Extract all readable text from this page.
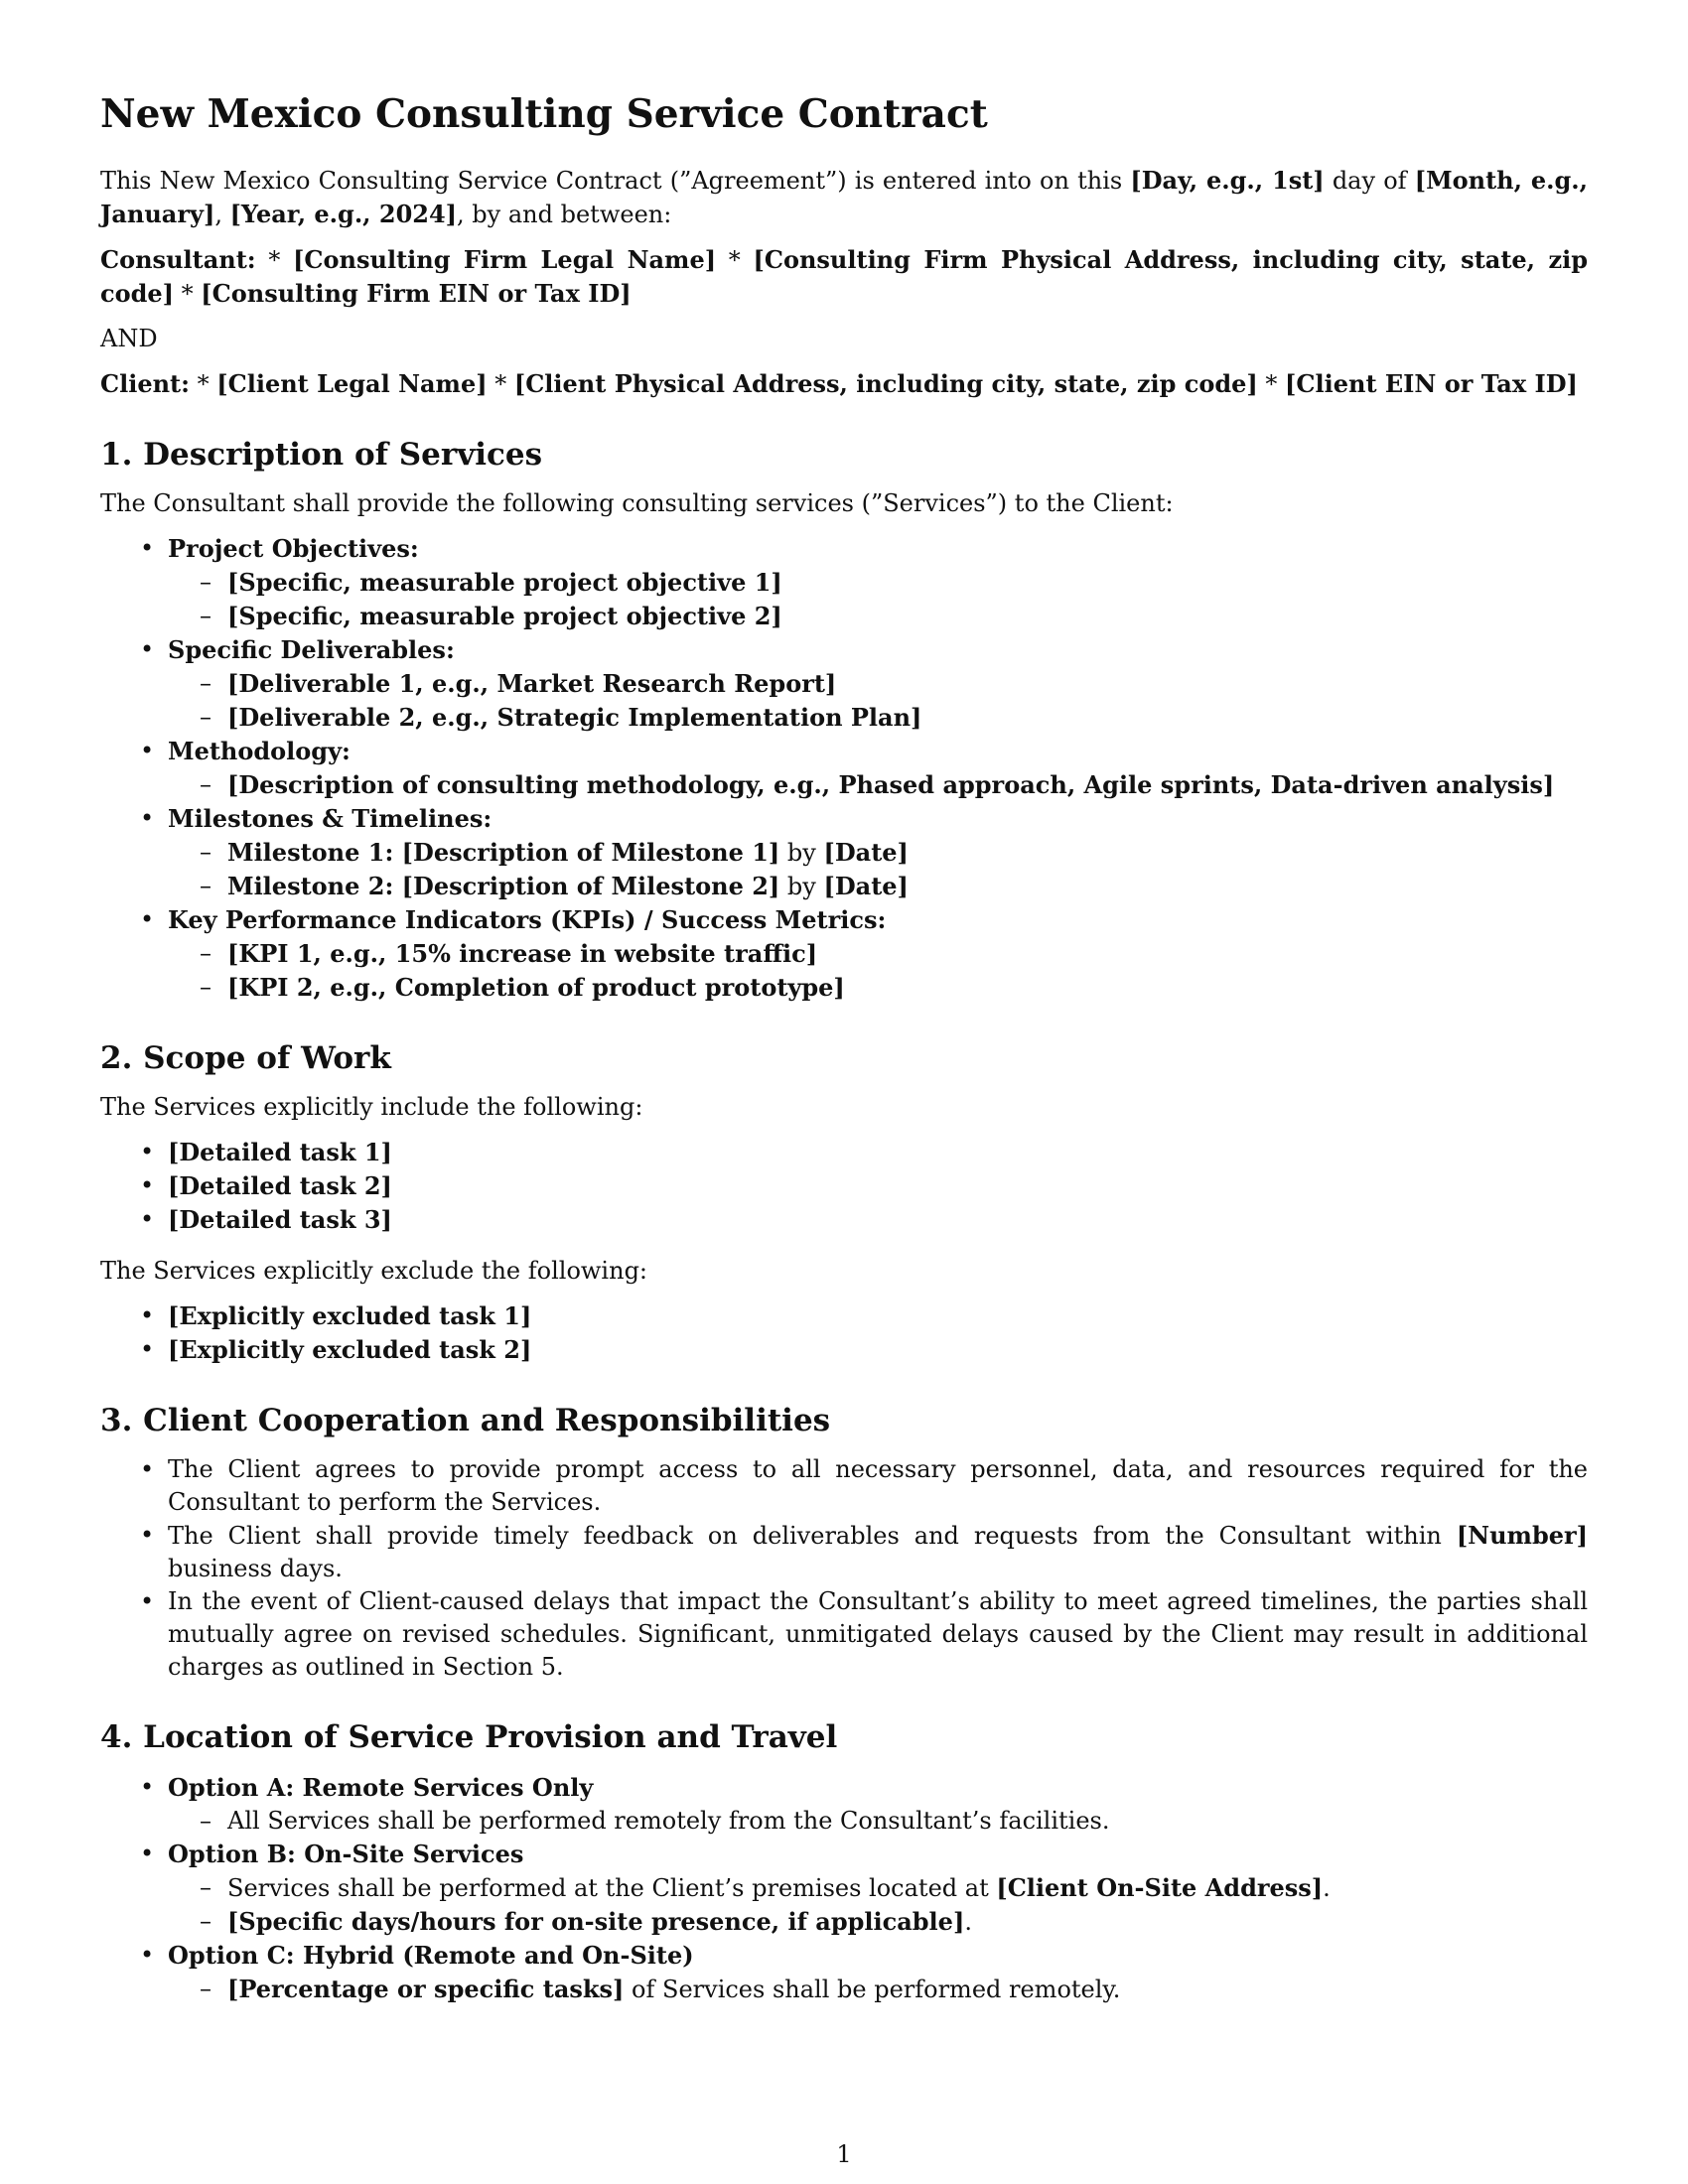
New Mexico Consulting Service Contract

This New Mexico Consulting Service Contract (”Agreement”) is entered into on this [Day, e.g., 1st] day of [Month, e.g., January], [Year, e.g., 2024], by and between:

Consultant: * [Consulting Firm Legal Name] * [Consulting Firm Physical Address, including city, state, zip code] * [Consulting Firm EIN or Tax ID]

AND

Client: * [Client Legal Name] * [Client Physical Address, including city, state, zip code] * [Client EIN or Tax ID]

1. Description of Services

The Consultant shall provide the following consulting services (”Services”) to the Client:

• Project Objectives:
– [Specific, measurable project objective 1]
– [Specific, measurable project objective 2]
• Specific Deliverables:
– [Deliverable 1, e.g., Market Research Report]
– [Deliverable 2, e.g., Strategic Implementation Plan]
• Methodology:
– [Description of consulting methodology, e.g., Phased approach, Agile sprints, Data-driven analysis]
• Milestones & Timelines:
– Milestone 1: [Description of Milestone 1] by [Date]
– Milestone 2: [Description of Milestone 2] by [Date]
• Key Performance Indicators (KPIs) / Success Metrics:
– [KPI 1, e.g., 15% increase in website traffic]
– [KPI 2, e.g., Completion of product prototype]
2. Scope of Work

The Services explicitly include the following:

• [Detailed task 1]
• [Detailed task 2]
• [Detailed task 3]

The Services explicitly exclude the following:

• [Explicitly excluded task 1]
• [Explicitly excluded task 2]
3. Client Cooperation and Responsibilities
• The Client agrees to provide prompt access to all necessary personnel, data, and resources required for the Consultant to perform the Services.
• The Client shall provide timely feedback on deliverables and requests from the Consultant within [Number] business days.
• In the event of Client-caused delays that impact the Consultant’s ability to meet agreed timelines, the parties shall mutually agree on revised schedules. Significant, unmitigated delays caused by the Client may result in additional charges as outlined in Section 5.
4. Location of Service Provision and Travel
• Option A: Remote Services Only
– All Services shall be performed remotely from the Consultant’s facilities.
• Option B: On-Site Services
– Services shall be performed at the Client’s premises located at [Client On-Site Address].
– [Specific days/hours for on-site presence, if applicable].
• Option C: Hybrid (Remote and On-Site)
– [Percentage or specific tasks] of Services shall be performed remotely.
1
